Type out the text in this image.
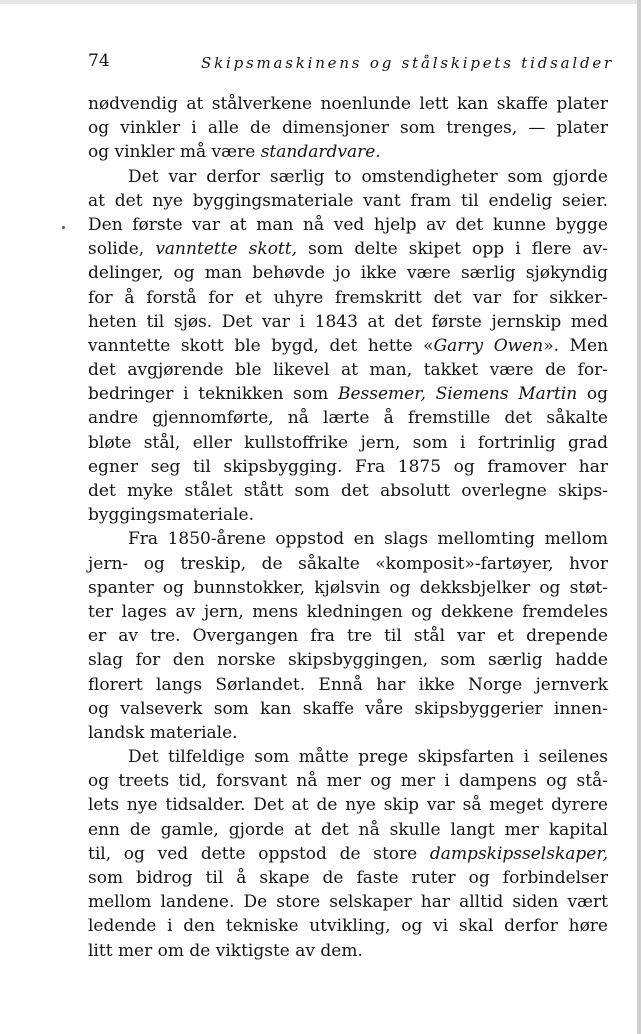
74	Skipsmaskinens og stålskipets tidsalder
nødvendig at stålverkene noenlunde lett kan skaffe plater
og vinkler i alle de dimensjoner som trenges, — plater
og vinkler må være standardvare.
Det var derfor særlig to omstendigheter som gjorde
at det nye byggingsmateriale vant fram til endelig seier.
Den første var at man nå ved hjelp av det kunne bygge
solide, vanntette skott, som delte skipet opp i flere av-
delinger, og man behøvde jo ikke være særlig sjøkyndig
for å forstå for et uhyre fremskritt det var for sikker-
heten til sjøs. Det var i 1843 at det første jernskip med
vanntette skott ble bygd, det hette «Garry Owen». Men
det avgjørende ble likevel at man, takket være de for-
bedringer i teknikken som Bessemer, Siemens Martin og
andre gjennomførte, nå lærte å fremstille det såkalte
bløte stål, eller kullstoffrike jern, som i fortrinlig grad
egner seg til skipsbygging. Fra 1875 og framover har
det myke stålet stått som det absolutt overlegne skips-
byggingsmateriale.
Fra 1850-årene oppstod en slags mellomting mellom
jern- og treskip, de såkalte «komposit»-fartøyer, hvor
spanter og bunnstokker, kjølsvin og dekksbjelker og støt-
ter lages av jern, mens kledningen og dekkene fremdeles
er av tre. Overgangen fra tre til stål var et drepende
slag for den norske skipsbyggingen, som særlig hadde
florert langs Sørlandet. Ennå har ikke Norge jernverk
og valseverk som kan skaffe våre skipsbyggerier innen-
landsk materiale.
Det tilfeldige som måtte prege skipsfarten i seilenes
og treets tid, forsvant nå mer og mer i dampens og stå-
lets nye tidsalder. Det at de nye skip var så meget dyrere
enn de gamle, gjorde at det nå skulle langt mer kapital
til, og ved dette oppstod de store dampskipsselskaper,
som bidrog til å skape de faste ruter og forbindelser
mellom landene. De store selskaper har alltid siden vært
ledende i den tekniske utvikling, og vi skal derfor høre
litt mer om de viktigste av dem.
